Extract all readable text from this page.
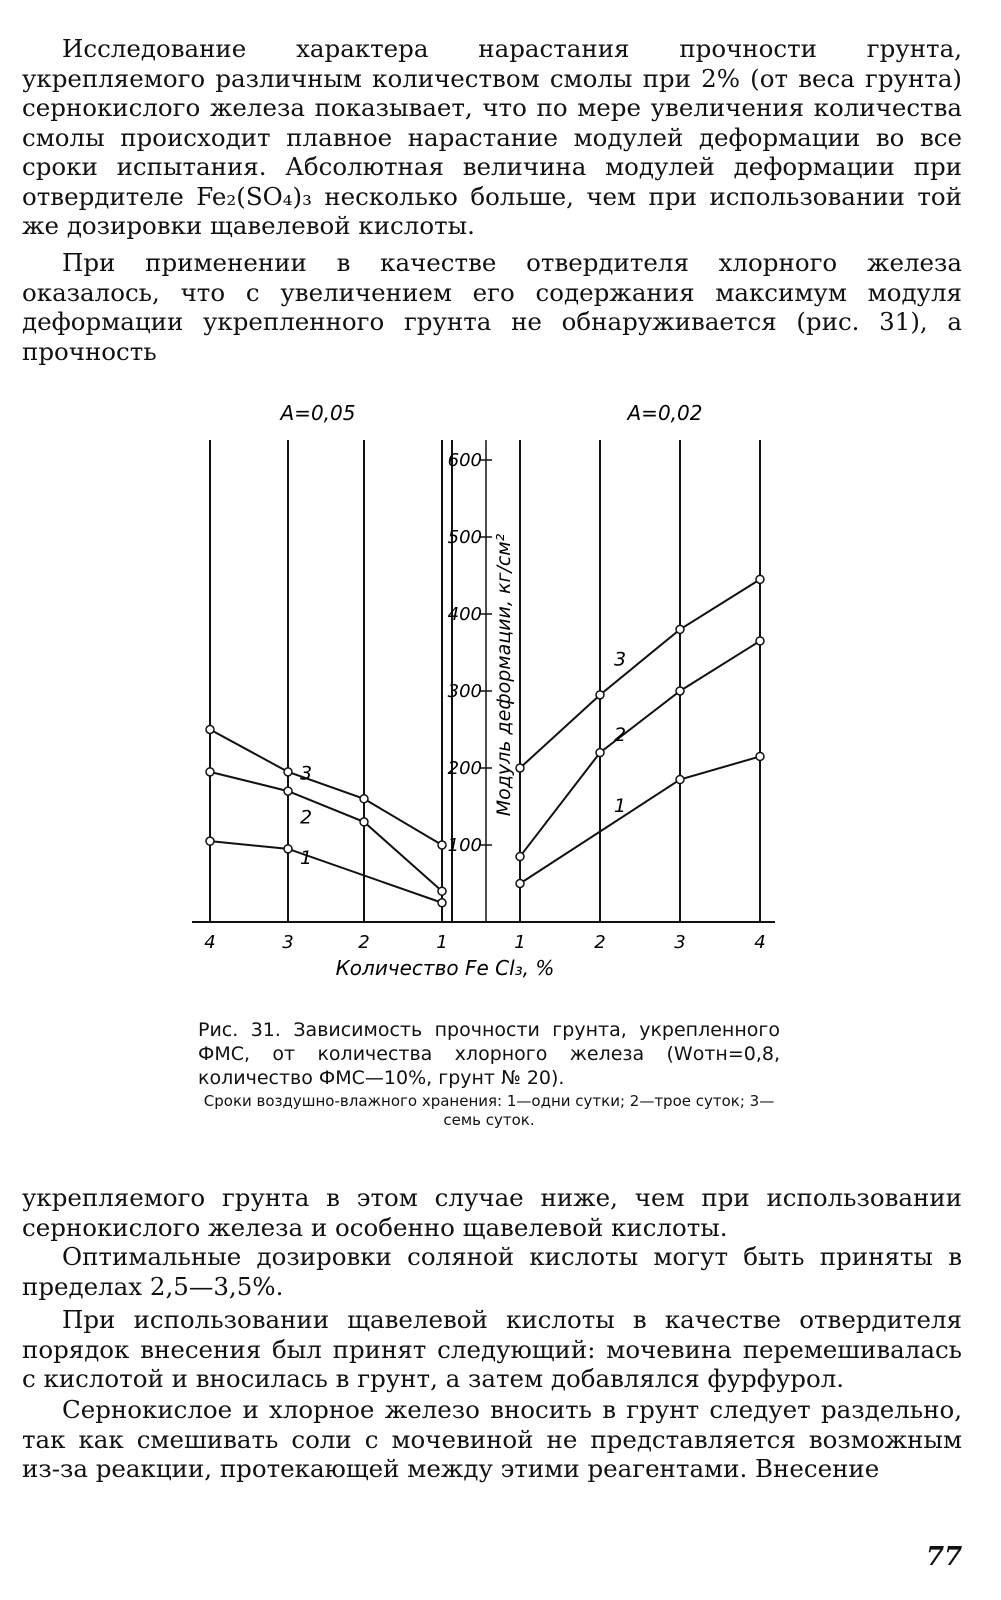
Исследование характера нарастания прочности грунта, укрепляемого различным количеством смолы при 2% (от веса грунта) сернокислого железа показывает, что по мере увеличения количества смолы происходит плавное нарастание модулей деформации во все сроки испытания. Абсолютная величина модулей деформации при отвердителе Fe₂(SO₄)₃ несколько больше, чем при использовании той же дозировки щавелевой кислоты.

При применении в качестве отвердителя хлорного железа оказалось, что с увеличением его содержания максимум модуля деформации укрепленного грунта не обнаруживается (рис. 31), а прочность

A=0,05	A=0,02
Модуль деформации, кг/см²
Количество Fe Cl₃, %
1
2
3
1
2
3
100
200
300
400
500
600
4	3	2	1	1	2	3	4
Рис. 31. Зависимость прочности грунта, укрепленного ФМС, от количества хлорного железа (Wотн=0,8, количество ФМС—10%, грунт № 20).
Сроки воздушно-влажного хранения: 1—одни сутки; 2—трое суток; 3—семь суток.

укрепляемого грунта в этом случае ниже, чем при использовании сернокислого железа и особенно щавелевой кислоты.

Оптимальные дозировки соляной кислоты могут быть приняты в пределах 2,5—3,5%.

При использовании щавелевой кислоты в качестве отвердителя порядок внесения был принят следующий: мочевина перемешивалась с кислотой и вносилась в грунт, а затем добавлялся фурфурол.

Сернокислое и хлорное железо вносить в грунт следует раздельно, так как смешивать соли с мочевиной не представляется возможным из-за реакции, протекающей между этими реагентами. Внесение

77
